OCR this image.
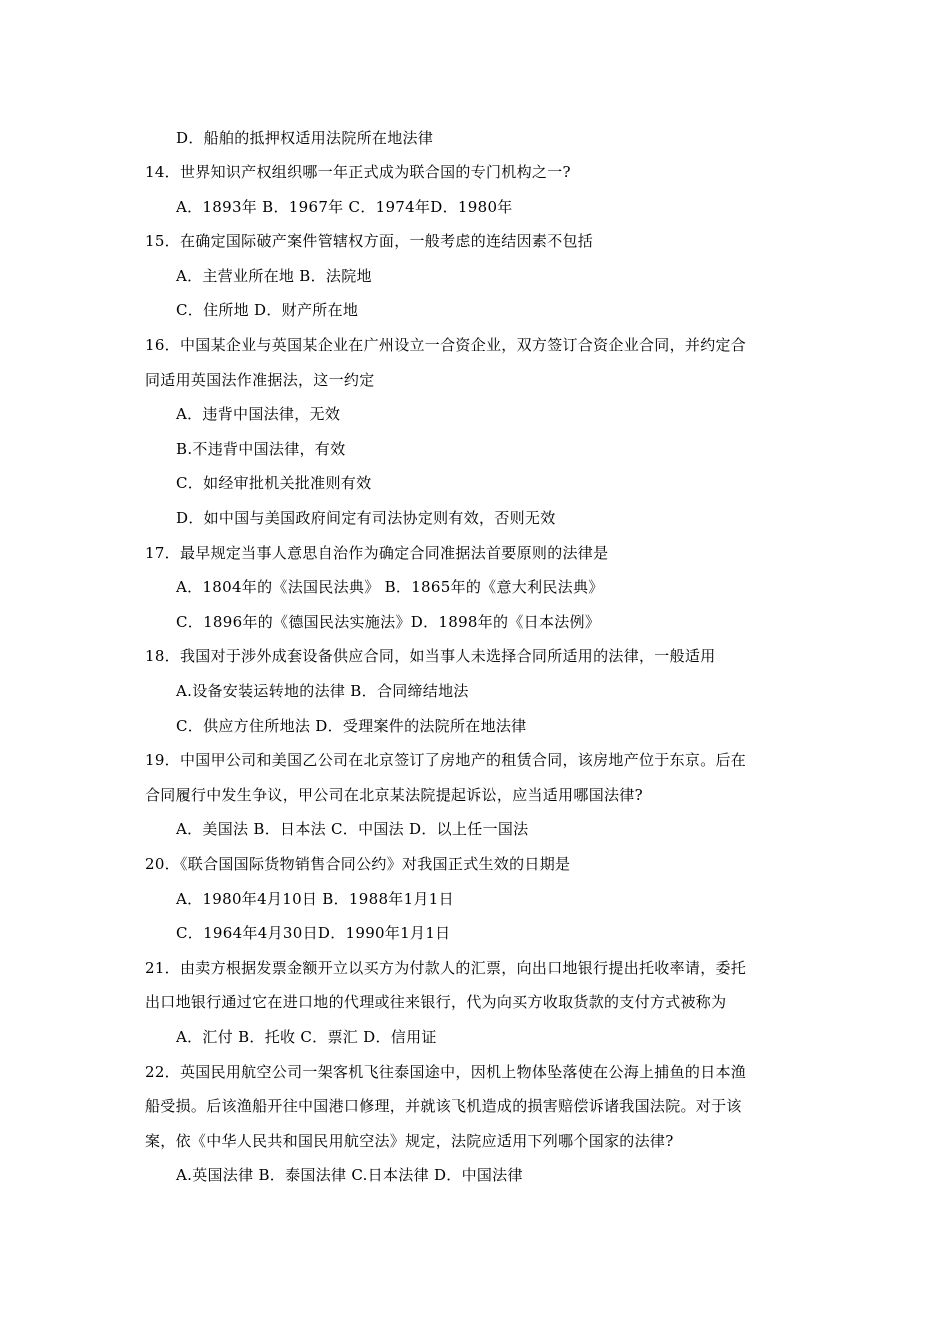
D．船舶的抵押权适用法院所在地法律
14．世界知识产权组织哪一年正式成为联合国的专门机构之一?
A．1893年 B．1967年 C．1974年D．1980年
15．在确定国际破产案件管辖权方面，一般考虑的连结因素不包括
A．主营业所在地 B．法院地
C．住所地 D．财产所在地
16．中国某企业与英国某企业在广州设立一合资企业，双方签订合资企业合同，并约定合
同适用英国法作准据法，这一约定
A．违背中国法律，无效
B.不违背中国法律，有效
C．如经审批机关批准则有效
D．如中国与美国政府间定有司法协定则有效，否则无效
17．最早规定当事人意思自治作为确定合同准据法首要原则的法律是
A．1804年的《法国民法典》 B．1865年的《意大利民法典》
C．1896年的《德国民法实施法》D．1898年的《日本法例》
18．我国对于涉外成套设备供应合同，如当事人未选择合同所适用的法律，一般适用
A.设备安装运转地的法律 B．合同缔结地法
C．供应方住所地法 D．受理案件的法院所在地法律
19．中国甲公司和美国乙公司在北京签订了房地产的租赁合同，该房地产位于东京。后在
合同履行中发生争议，甲公司在北京某法院提起诉讼，应当适用哪国法律?
A．美国法 B．日本法 C．中国法 D．以上任一国法
20．《联合国国际货物销售合同公约》对我国正式生效的日期是
A．1980年4月10日 B．1988年1月1日
C．1964年4月30日D．1990年1月1日
21．由卖方根据发票金额开立以买方为付款人的汇票，向出口地银行提出托收率请，委托
出口地银行通过它在进口地的代理或往来银行，代为向买方收取货款的支付方式被称为
A．汇付 B．托收 C．票汇 D．信用证
22．英国民用航空公司一架客机飞往泰国途中，因机上物体坠落使在公海上捕鱼的日本渔
船受损。后该渔船开往中国港口修理，并就该飞机造成的损害赔偿诉诸我国法院。对于该
案，依《中华人民共和国民用航空法》规定，法院应适用下列哪个国家的法律?
A.英国法律 B．泰国法律 C.日本法律 D．中国法律
